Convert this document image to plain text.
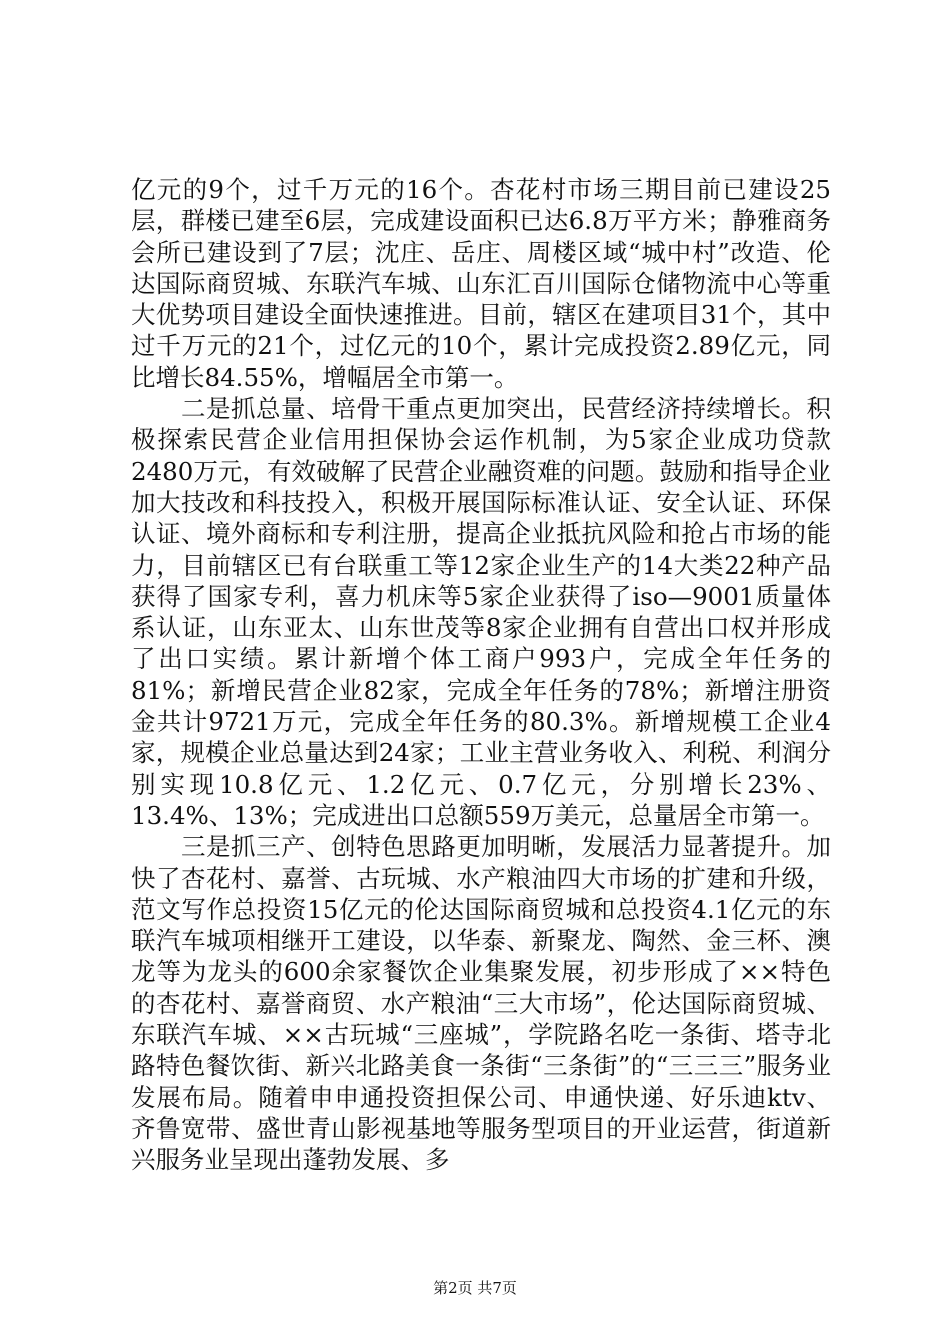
亿元的9个，过千万元的16个。杏花村市场三期目前已建设25层，群楼已建至6层，完成建设面积已达6.8万平方米；静雅商务会所已建设到了7层；沈庄、岳庄、周楼区域“城中村”改造、伦达国际商贸城、东联汽车城、山东汇百川国际仓储物流中心等重大优势项目建设全面快速推进。目前，辖区在建项目31个，其中过千万元的21个，过亿元的10个，累计完成投资2.89亿元，同比增长84.55%，增幅居全市第一。

二是抓总量、培骨干重点更加突出，民营经济持续增长。积极探索民营企业信用担保协会运作机制，为5家企业成功贷款2480万元，有效破解了民营企业融资难的问题。鼓励和指导企业加大技改和科技投入，积极开展国际标准认证、安全认证、环保认证、境外商标和专利注册，提高企业抵抗风险和抢占市场的能力，目前辖区已有台联重工等12家企业生产的14大类22种产品获得了国家专利，喜力机床等5家企业获得了iso—9001质量体系认证，山东亚太、山东世茂等8家企业拥有自营出口权并形成了出口实绩。累计新增个体工商户993户，完成全年任务的81%；新增民营企业82家，完成全年任务的78%；新增注册资金共计9721万元，完成全年任务的80.3%。新增规模工企业4家，规模企业总量达到24家；工业主营业务收入、利税、利润分别实现10.8亿元、1.2亿元、0.7亿元，分别增长23%、13.4%、13%；完成进出口总额559万美元，总量居全市第一。

三是抓三产、创特色思路更加明晰，发展活力显著提升。加快了杏花村、嘉誉、古玩城、水产粮油四大市场的扩建和升级，范文写作总投资15亿元的伦达国际商贸城和总投资4.1亿元的东联汽车城项相继开工建设，以华泰、新聚龙、陶然、金三杯、澳龙等为龙头的600余家餐饮企业集聚发展，初步形成了××特色的杏花村、嘉誉商贸、水产粮油“三大市场”，伦达国际商贸城、东联汽车城、××古玩城“三座城”，学院路名吃一条街、塔寺北路特色餐饮街、新兴北路美食一条街“三条街”的“三三三”服务业发展布局。随着申申通投资担保公司、申通快递、好乐迪ktv、齐鲁宽带、盛世青山影视基地等服务型项目的开业运营，街道新兴服务业呈现出蓬勃发展、多

第2页 共7页
